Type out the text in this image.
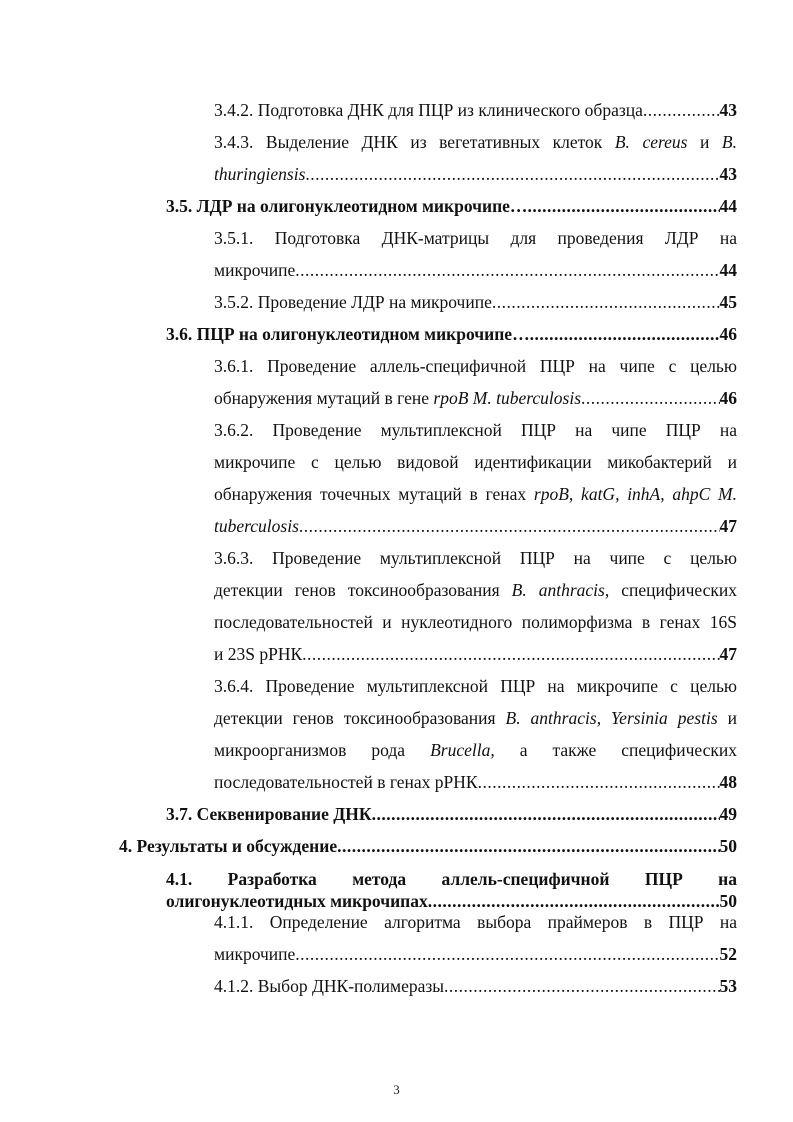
3.4.2. Подготовка ДНК для ПЦР из клинического образца .....	43
3.4.3. Выделение ДНК из вегетативных клеток B. cereus и B.
thuringiensis .....	43
3.5. ЛДР на олигонуклеотидном микрочипе… .....	44
3.5.1. Подготовка ДНК-матрицы для проведения ЛДР на
микрочипе .....	44
3.5.2. Проведение ЛДР на микрочипе .....	45
3.6. ПЦР на олигонуклеотидном микрочипе… .....	46
3.6.1. Проведение аллель-специфичной ПЦР на чипе с целью
обнаружения мутаций в гене rpoB M. tuberculosis .....	46
3.6.2. Проведение мультиплексной ПЦР на чипе ПЦР на
микрочипе с целью видовой идентификации микобактерий и
обнаружения точечных мутаций в генах rpoB, katG, inhA, ahpC M.
tuberculosis .....	47
3.6.3. Проведение мультиплексной ПЦР на чипе с целью
детекции генов токсинообразования B. anthracis, специфических
последовательностей и нуклеотидного полиморфизма в генах 16S
и 23S рРНК .....	47
3.6.4. Проведение мультиплексной ПЦР на микрочипе с целью
детекции генов токсинообразования B. anthracis, Yersinia pestis и
микроорганизмов рода Brucella, а также специфических
последовательностей в генах рРНК .....	48
3.7. Секвенирование ДНК .....	49
4. Результаты и обсуждение .....	50
4.1. Разработка метода аллель-специфичной ПЦР на
олигонуклеотидных микрочипах .....	50
4.1.1. Определение алгоритма выбора праймеров в ПЦР на
микрочипе .....	52
4.1.2. Выбор ДНК-полимеразы .....	53
3
